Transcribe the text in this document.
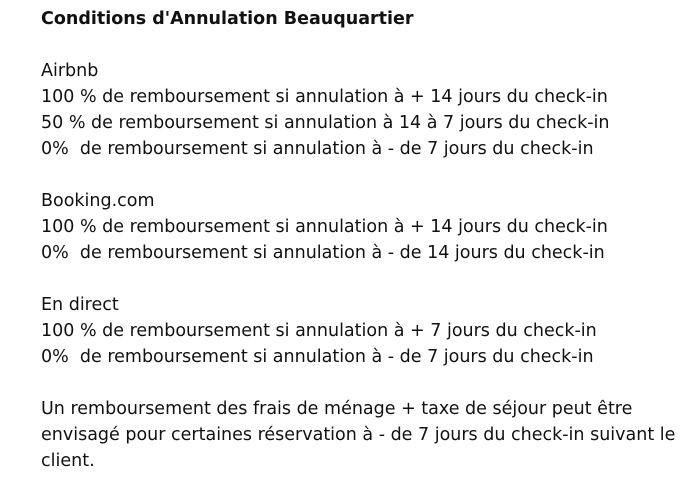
Conditions d'Annulation Beauquartier
Airbnb
100 % de remboursement si annulation à + 14 jours du check-in
50 % de remboursement si annulation à 14 à 7 jours du check-in
0%  de remboursement si annulation à - de 7 jours du check-in
Booking.com
100 % de remboursement si annulation à + 14 jours du check-in
0%  de remboursement si annulation à - de 14 jours du check-in
En direct
100 % de remboursement si annulation à + 7 jours du check-in
0%  de remboursement si annulation à - de 7 jours du check-in
Un remboursement des frais de ménage + taxe de séjour peut être envisagé pour certaines réservation à - de 7 jours du check-in suivant le client.
